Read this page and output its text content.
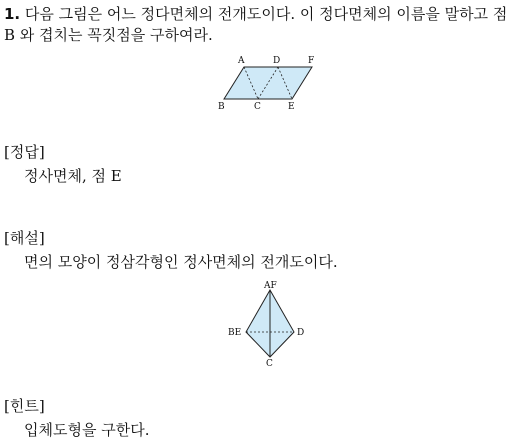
1. 다음 그림은 어느 정다면체의 전개도이다. 이 정다면체의 이름을 말하고 점
B 와 겹치는 꼭짓점을 구하여라.
A	D	F
B	C	E
[정답]
정사면체, 점 E
[해설]
면의 모양이 정삼각형인 정사면체의 전개도이다.
AF
BE	D
C
[힌트]
입체도형을 구한다.
